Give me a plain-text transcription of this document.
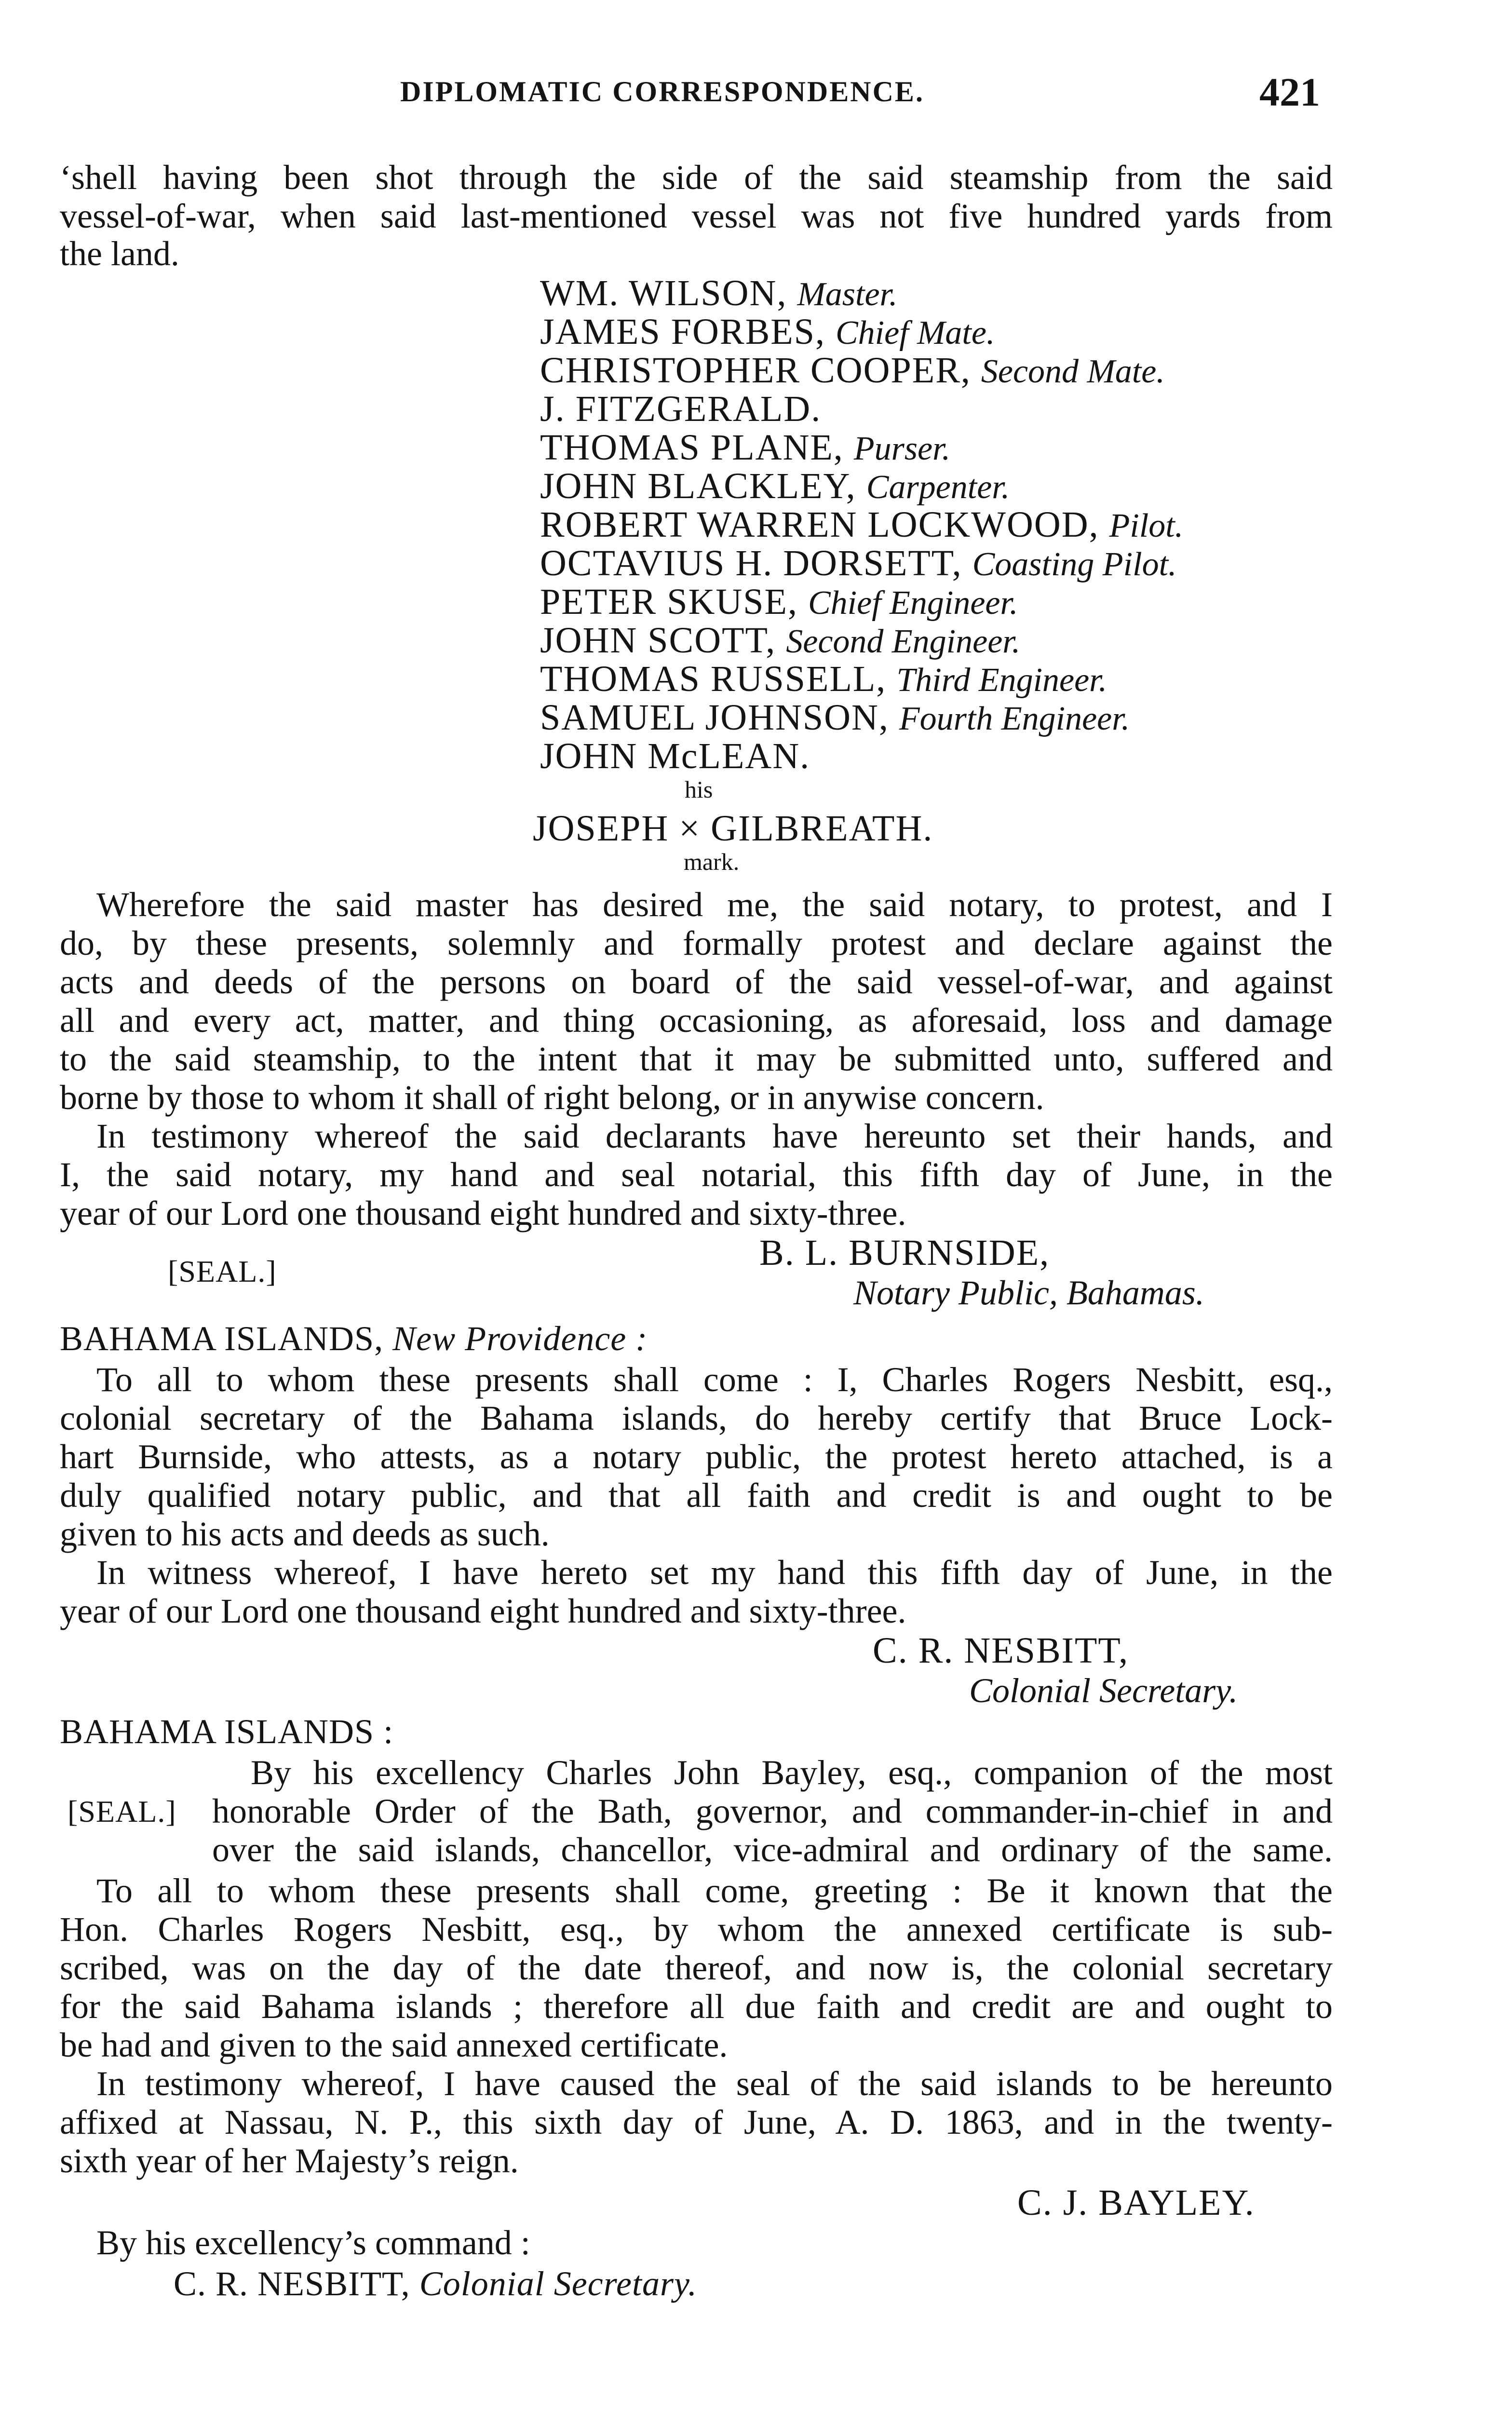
DIPLOMATIC CORRESPONDENCE.	421
‘shell having been shot through the side of the said steamship from the said
vessel-of-war, when said last-mentioned vessel was not five hundred yards from
the land.
WM. WILSON, Master.
JAMES FORBES, Chief Mate.
CHRISTOPHER COOPER, Second Mate.
J. FITZGERALD.
THOMAS PLANE, Purser.
JOHN BLACKLEY, Carpenter.
ROBERT WARREN LOCKWOOD, Pilot.
OCTAVIUS H. DORSETT, Coasting Pilot.
PETER SKUSE, Chief Engineer.
JOHN SCOTT, Second Engineer.
THOMAS RUSSELL, Third Engineer.
SAMUEL JOHNSON, Fourth Engineer.
JOHN McLEAN.
his
JOSEPH × GILBREATH.
mark.
Wherefore the said master has desired me, the said notary, to protest, and I
do, by these presents, solemnly and formally protest and declare against the
acts and deeds of the persons on board of the said vessel-of-war, and against
all and every act, matter, and thing occasioning, as aforesaid, loss and damage
to the said steamship, to the intent that it may be submitted unto, suffered and
borne by those to whom it shall of right belong, or in anywise concern.
In testimony whereof the said declarants have hereunto set their hands, and
I, the said notary, my hand and seal notarial, this fifth day of June, in the
year of our Lord one thousand eight hundred and sixty-three.
[SEAL.]	B. L. BURNSIDE,
Notary Public, Bahamas.
BAHAMA ISLANDS, New Providence :
To all to whom these presents shall come : I, Charles Rogers Nesbitt, esq.,
colonial secretary of the Bahama islands, do hereby certify that Bruce Lock-
hart Burnside, who attests, as a notary public, the protest hereto attached, is a
duly qualified notary public, and that all faith and credit is and ought to be
given to his acts and deeds as such.
In witness whereof, I have hereto set my hand this fifth day of June, in the
year of our Lord one thousand eight hundred and sixty-three.
C. R. NESBITT,
Colonial Secretary.
BAHAMA ISLANDS :
[SEAL.]
By his excellency Charles John Bayley, esq., companion of the most
honorable Order of the Bath, governor, and commander-in-chief in and
over the said islands, chancellor, vice-admiral and ordinary of the same.
To all to whom these presents shall come, greeting : Be it known that the
Hon. Charles Rogers Nesbitt, esq., by whom the annexed certificate is sub-
scribed, was on the day of the date thereof, and now is, the colonial secretary
for the said Bahama islands ; therefore all due faith and credit are and ought to
be had and given to the said annexed certificate.
In testimony whereof, I have caused the seal of the said islands to be hereunto
affixed at Nassau, N. P., this sixth day of June, A. D. 1863, and in the twenty-
sixth year of her Majesty’s reign.
C. J. BAYLEY.
By his excellency’s command :
C. R. NESBITT, Colonial Secretary.
